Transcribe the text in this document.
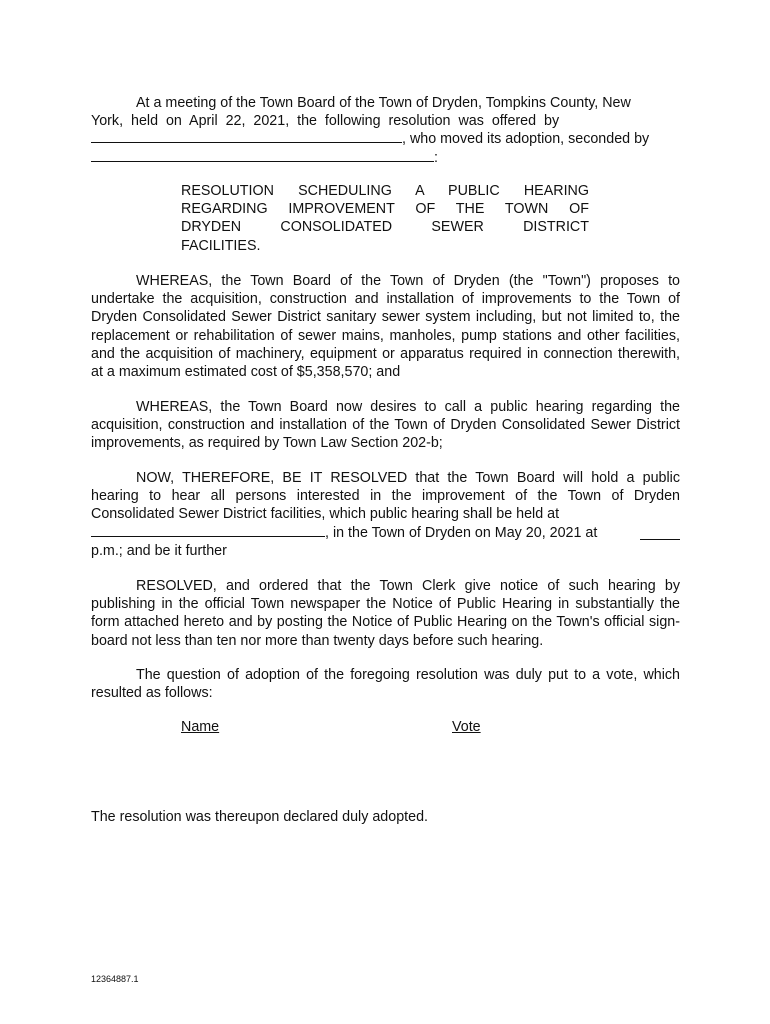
At a meeting of the Town Board of the Town of Dryden, Tompkins County, New
York,  held  on  April  22,  2021,  the  following  resolution  was  offered  by
, who moved its adoption, seconded by
:
RESOLUTION SCHEDULING A PUBLIC HEARING
REGARDING IMPROVEMENT OF THE TOWN OF
DRYDEN CONSOLIDATED SEWER DISTRICT
FACILITIES.
WHEREAS, the Town Board of the Town of Dryden (the "Town") proposes to undertake the acquisition, construction and installation of improvements to the Town of Dryden Consolidated Sewer District sanitary sewer system including, but not limited to, the replacement or rehabilitation of sewer mains, manholes, pump stations and other facilities, and the acquisition of machinery, equipment or apparatus required in connection therewith, at a maximum estimated cost of $5,358,570; and
WHEREAS, the Town Board now desires to call a public hearing regarding the acquisition, construction and installation of the Town of Dryden Consolidated Sewer District improvements, as required by Town Law Section 202-b;
NOW, THEREFORE, BE IT RESOLVED that the Town Board will hold a public hearing to hear all persons interested in the improvement of the Town of Dryden Consolidated Sewer District facilities, which public hearing shall be held at
, in the Town of Dryden on May 20, 2021 at

p.m.; and be it further
RESOLVED, and ordered that the Town Clerk give notice of such hearing by publishing in the official Town newspaper the Notice of Public Hearing in substantially the form attached hereto and by posting the Notice of Public Hearing on the Town's official sign-board not less than ten nor more than twenty days before such hearing.
The question of adoption of the foregoing resolution was duly put to a vote, which resulted as follows:
Name	Vote
The resolution was thereupon declared duly adopted.
12364887.1
